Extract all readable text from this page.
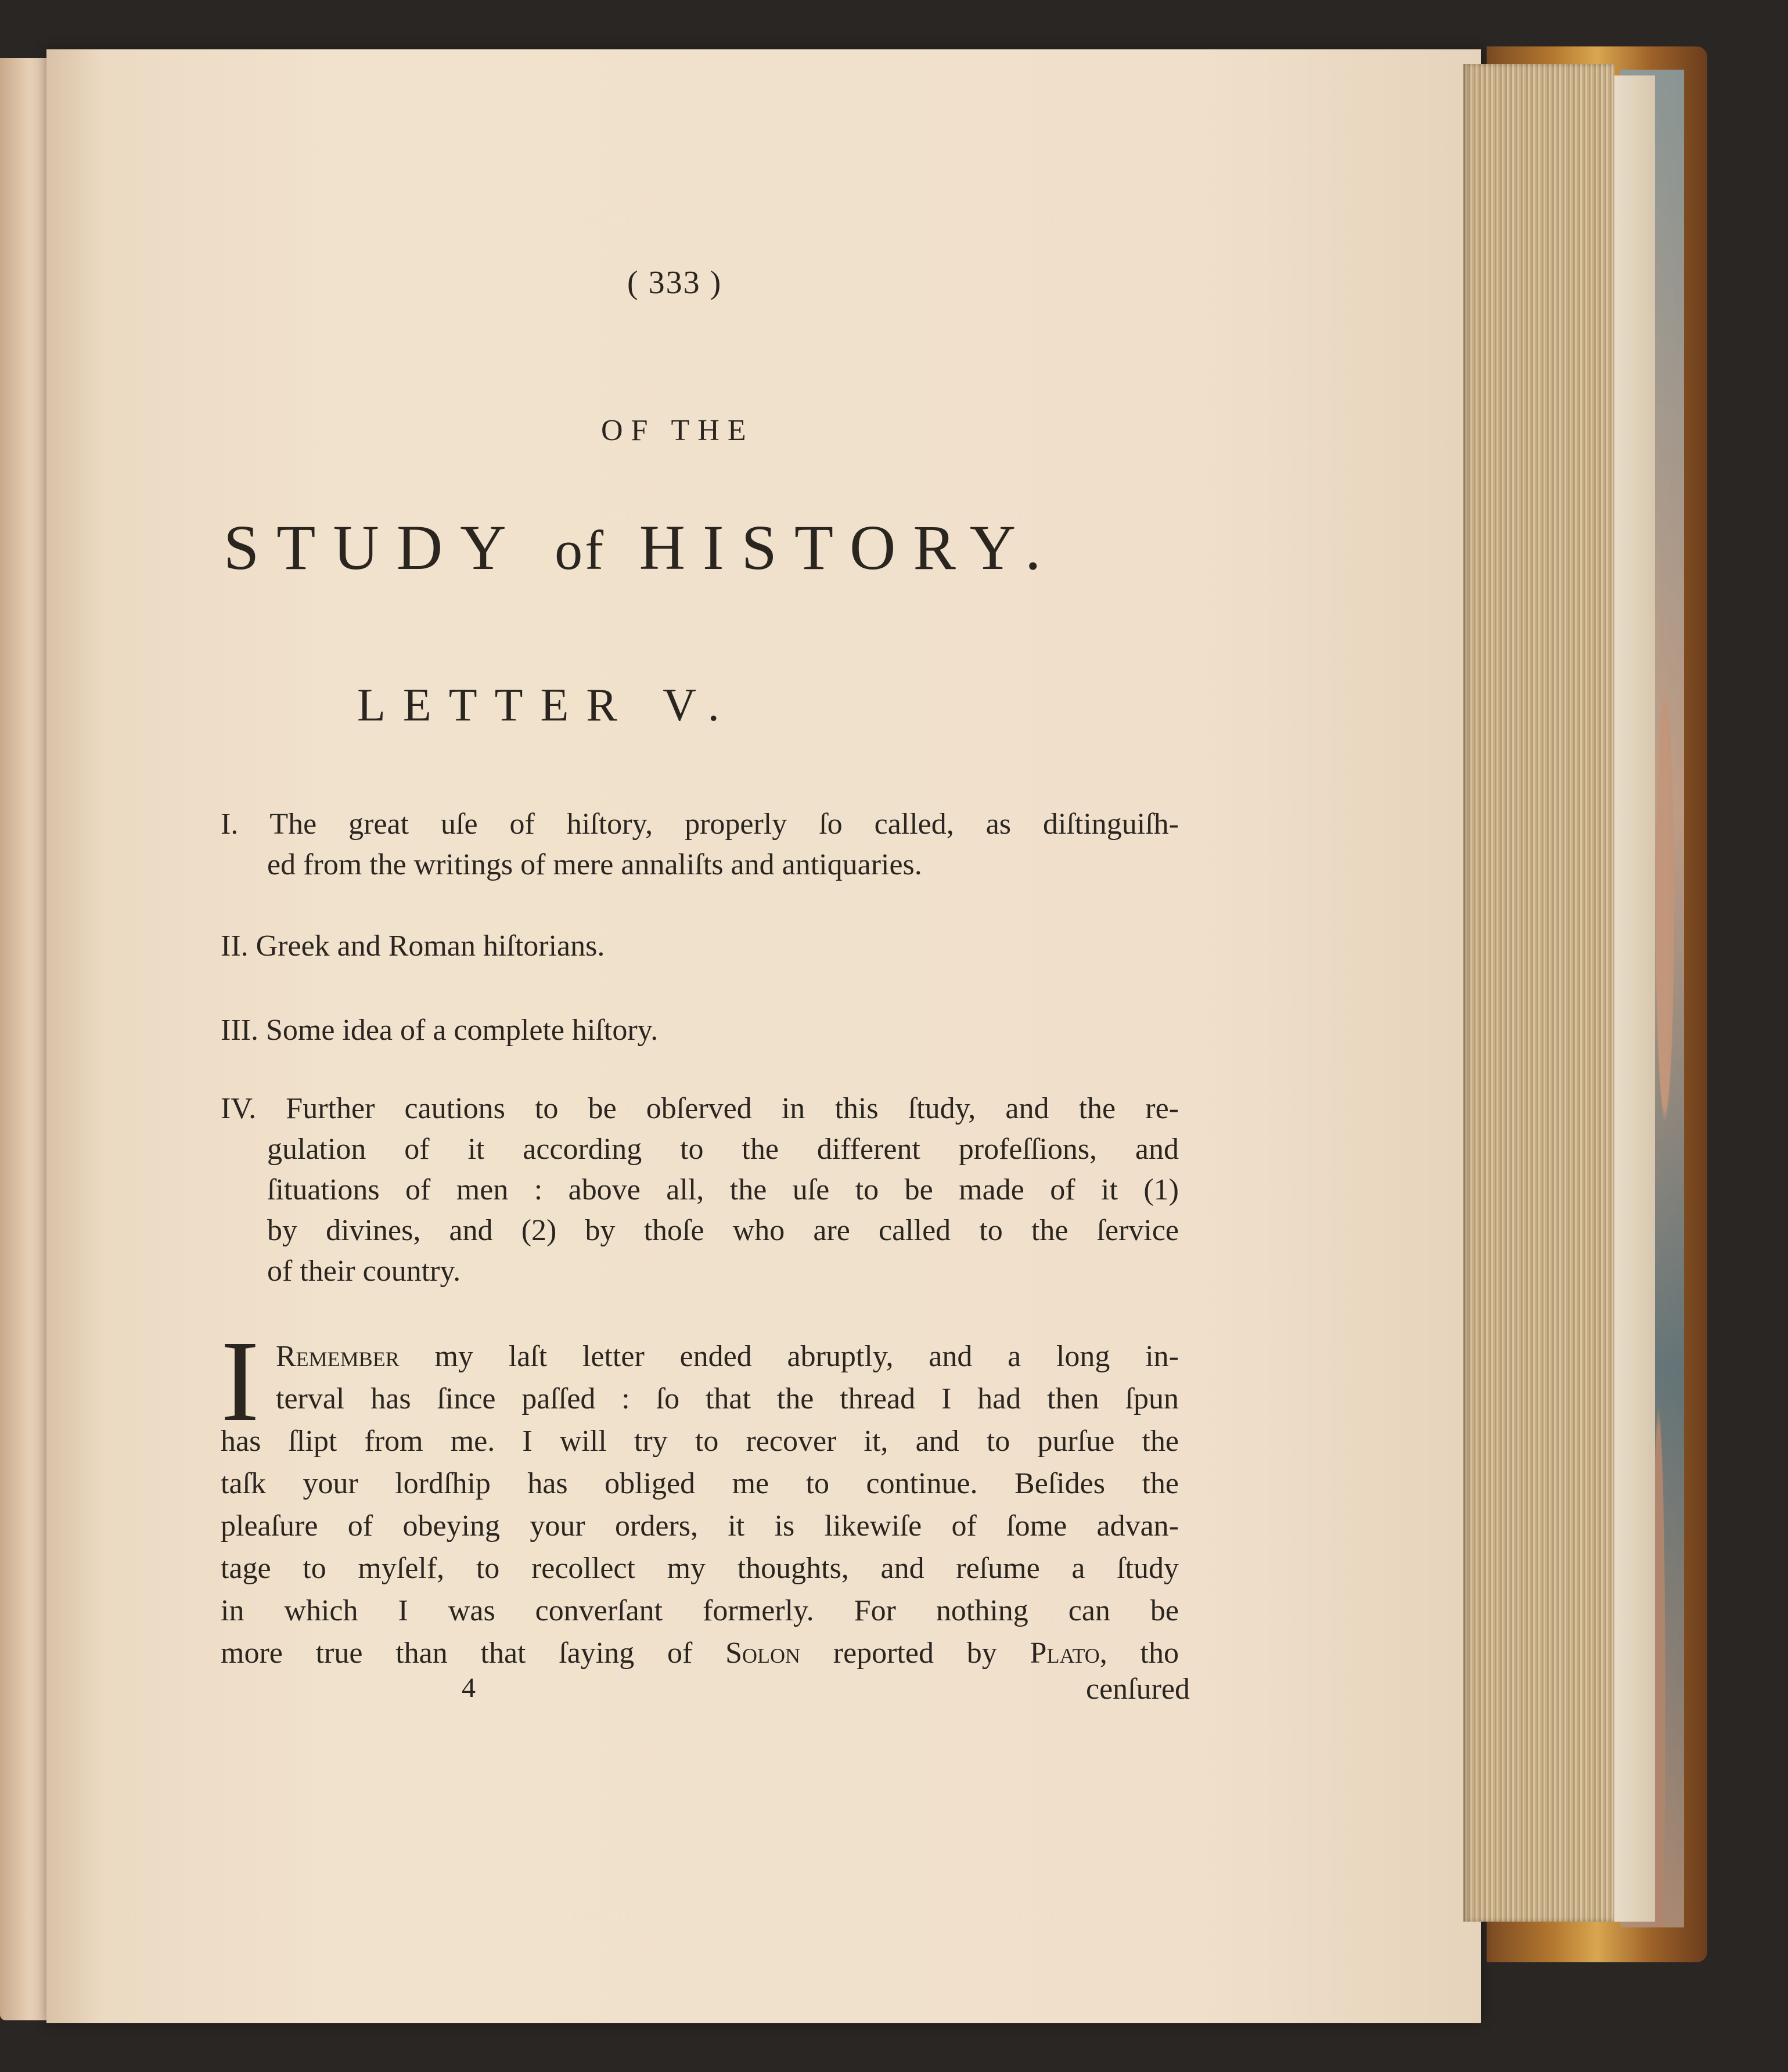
( 333 )
OF THE
STUDY of HISTORY.
LETTER V.
I. The great uſe of hiſtory, properly ſo called, as diſtinguiſh-
ed from the writings of mere annaliſts and antiquaries.
II. Greek and Roman hiſtorians.
III. Some idea of a complete hiſtory.
IV. Further cautions to be obſerved in this ſtudy, and the re-
gulation of it according to the different profeſſions, and
ſituations of men : above all, the uſe to be made of it (1)
by divines, and (2) by thoſe who are called to the ſervice
of their country.
I Remember my laſt letter ended abruptly, and a long in-
terval has ſince paſſed : ſo that the thread I had then ſpun
has ſlipt from me. I will try to recover it, and to purſue the
taſk your lordſhip has obliged me to continue. Beſides the
pleaſure of obeying your orders, it is likewiſe of ſome advan-
tage to myſelf, to recollect my thoughts, and reſume a ſtudy
in which I was converſant formerly. For nothing can be
more true than that ſaying of Solon reported by Plato, tho
4	cenſured
